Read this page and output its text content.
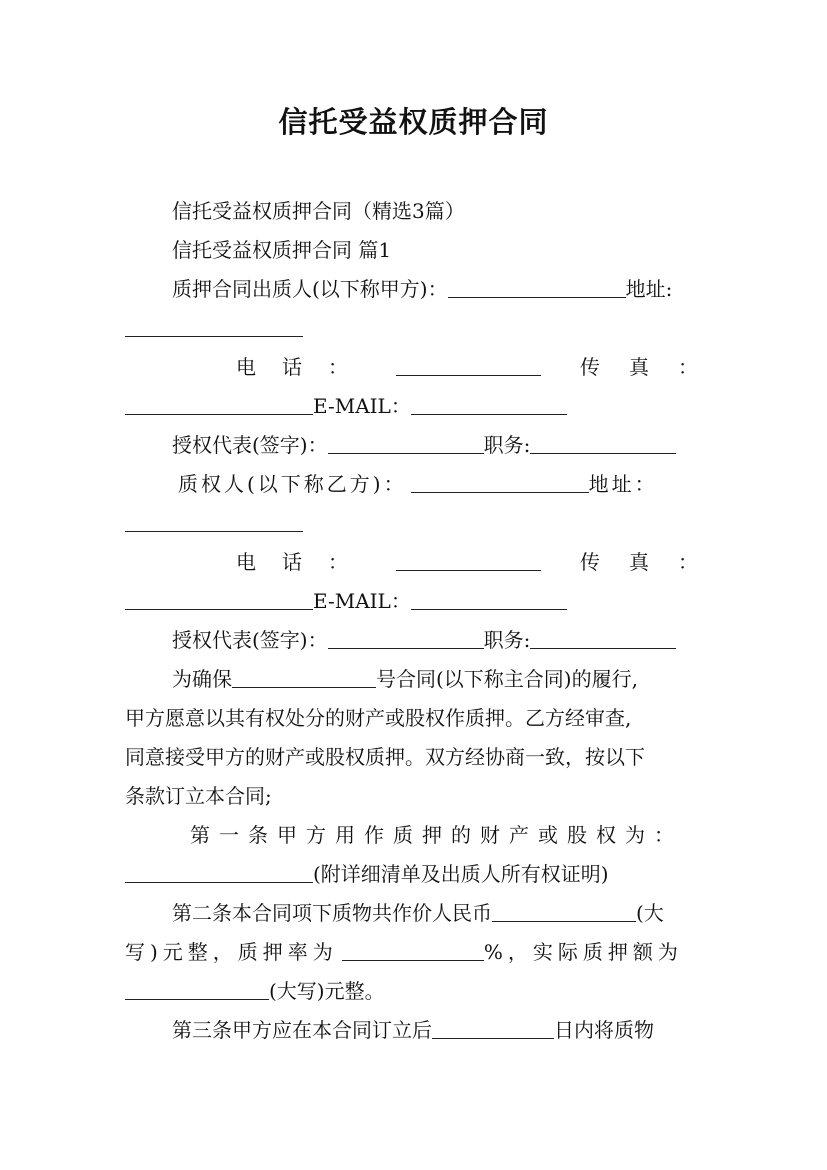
信托受益权质押合同
信托受益权质押合同（精选3篇）
信托受益权质押合同 篇1
质押合同出质人(以下称甲方)：	地址:
电 话 ：	传 真 ：
E-MAIL：
授权代表(签字)：	职务:
质权人(以下称乙方)：	地址：
电 话 ：	传 真 ：
E-MAIL：
授权代表(签字)：	职务:
为确保	号合同(以下称主合同)的履行,
甲方愿意以其有权处分的财产或股权作质押。乙方经审查,
同意接受甲方的财产或股权质押。双方经协商一致，按以下
条款订立本合同;
第一条甲方用作质押的财产或股权为：
(附详细清单及出质人所有权证明)
第二条本合同项下质物共作价人民币	(大
写)元整，质押率为	%，实际质押额为
(大写)元整。
第三条甲方应在本合同订立后	日内将质物
